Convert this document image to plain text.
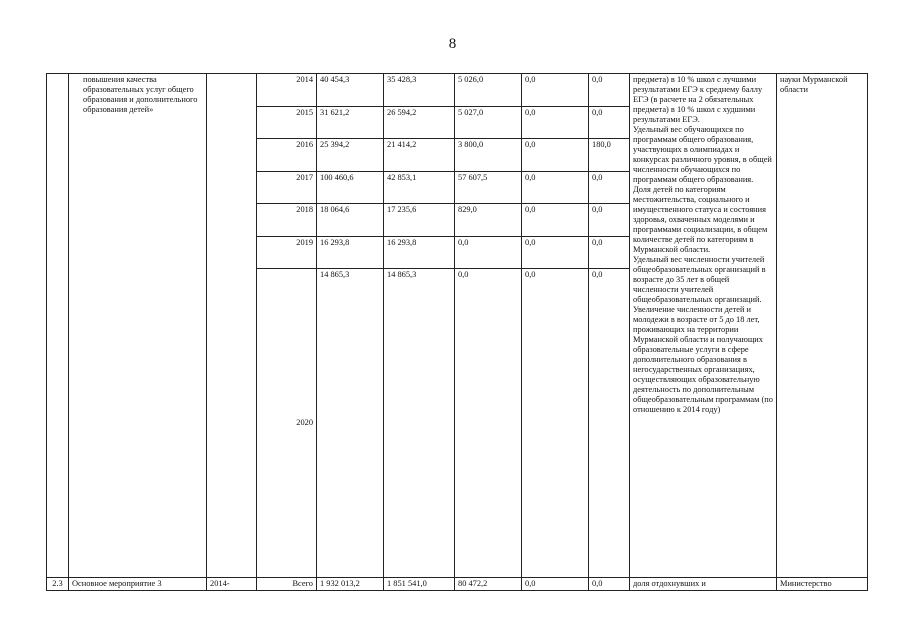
8
	повышения качества образовательных услуг общего образования и дополнительного образования детей»		2014	40 454,3	35 428,3	5 026,0	0,0	0,0	предмета) в 10 % школ с лучшими результатами ЕГЭ к среднему баллу ЕГЭ (в расчете на 2 обязательных предмета) в 10 % школ с худшими результатами ЕГЭ.
Удельный вес обучающихся по программам общего образования, участвующих в олимпиадах и конкурсах различного уровня, в общей численности обучающихся по программам общего образования.
Доля детей по категориям местожительства, социального и имущественного статуса и состояния здоровья, охваченных моделями и программами социализации, в общем количестве детей по категориям в Мурманской области.
Удельный вес численности учителей общеобразовательных организаций в возрасте до 35 лет в общей численности учителей общеобразовательных организаций.
Увеличение численности детей и молодежи в возрасте от 5 до 18 лет, проживающих на территории Мурманской области и получающих образовательные услуги в сфере дополнительного образования в негосударственных организациях, осуществляющих образовательную деятельность по дополнительным общеобразовательным программам (по отношению к 2014 году)	науки Мурманской области
			2015	31 621,2	26 594,2	5 027,0	0,0	0,0		
			2016	25 394,2	21 414,2	3 800,0	0,0	180,0		
			2017	100 460,6	42 853,1	57 607,5	0,0	0,0		
			2018	18 064,6	17 235,6	829,0	0,0	0,0		
			2019	16 293,8	16 293,8	0,0	0,0	0,0		
			2020	14 865,3	14 865,3	0,0	0,0	0,0		
2.3	Основное мероприятие 3	2014-	Всего	1 932 013,2	1 851 541,0	80 472,2	0,0	0,0	доля отдохнувших и	Министерство
